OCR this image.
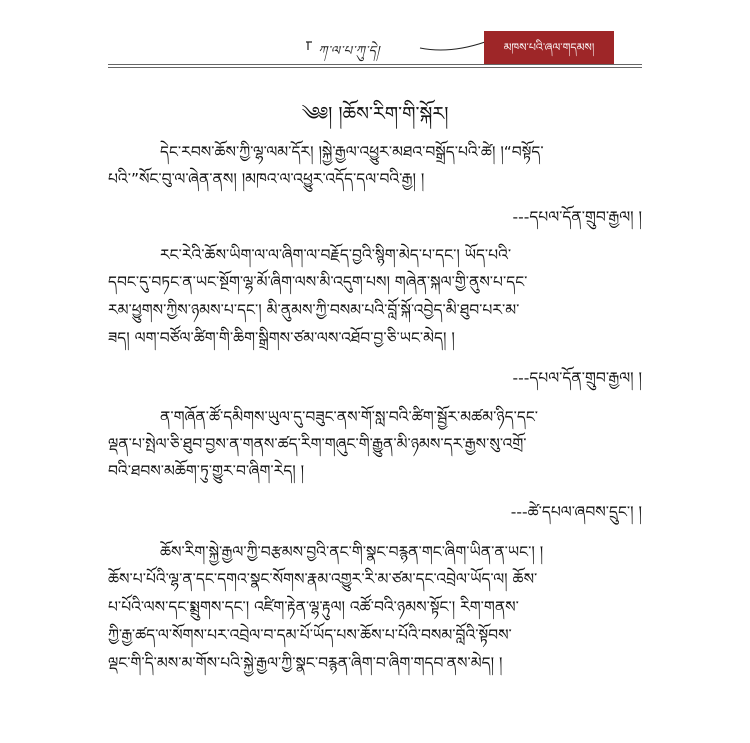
ཀ་ལ་པ་ཀུ་དེ།	མཁས་པའི་ཞལ་གདམས།
༄༅། །ཆོས་རིག་གི་སྐོར།
དེང་རབས་ཆོས་ཀྱི་ལྷ་ལམ་དོར། །སྐྱེ་རྒྱལ་འཕྱུར་མཐའ་བསྒྲོད་པའི་ཚེ། །“བསྟོད་
པའི་”སོང་བུ་ལ་ཞེན་ནས། །མཁའ་ལ་འཕྱུར་འདོད་དལ་བའི་རྒྱ། །
---དཔལ་དོན་གྲུབ་རྒྱལ། །
རང་རེའི་ཆོས་ཡིག་ལ་ལ་ཞིག་ལ་བརྗོད་བྱའི་སྙིག་མེད་པ་དང་། ཡོད་པའི་
དབང་དུ་བཏང་ན་ཡང་སྔོག་ལྷ་མོ་ཞིག་ལས་མི་འདུག་པས། གཞེན་སྐལ་གྱི་ནུས་པ་དང་
རམ་ཕྱུགས་ཀྱིས་ཉམས་པ་དང་། མི་ནུམས་ཀྱི་བསམ་པའི་བློ་སྐོ་འབྱེད་མི་ཐུབ་པར་མ་
ཟད། ལག་བཙོལ་ཚིག་གི་ཆིག་སྒྲིགས་ཙམ་ལས་འཐོབ་བྱ་ཅི་ཡང་མེད། །
---དཔལ་དོན་གྲུབ་རྒྱལ། །
ན་གཞོན་ཚོ་དམིགས་ཡུལ་དུ་བཟུང་ནས་གོ་སླ་བའི་ཚིག་སྦྱོར་མཚམ་ཉིད་དང་
ལྡན་པ་སྤེལ་ཅི་ཐུབ་བྱས་ན་གནས་ཚད་རིག་གཞུང་གི་རྒྱུན་མི་ཉམས་དར་རྒྱས་སུ་འགྲོ་
བའི་ཐབས་མཆོག་ཏུ་གྱུར་བ་ཞིག་རེད། །
---ཚེ་དཔལ་ཞབས་དྲུང་། །
ཆོས་རིག་སྐྱེ་རྒྱལ་ཀྱི་བརྩམས་བྱའི་ནང་གི་སྣང་བརྙན་གང་ཞིག་ཡིན་ན་ཡང་། །
ཆོས་པ་པོའི་ལྷ་ན་དང་དགའ་སྣང་སོགས་རྣམ་འགྱུར་རི་མ་ཙམ་དང་འབྲེལ་ཡོད་ལ། ཆོས་
པ་པོའི་ལས་དང་སྨྲུགས་དང་། འཛིག་རྟེན་ལྷ་རྟུལ། འཚོ་བའི་ཉམས་སྟོང་། རིག་གནས་
ཀྱི་རྒྱ་ཚད་ལ་སོགས་པར་འབྲེལ་བ་དམ་པོ་ཡོད་པས་ཆོས་པ་པོའི་བསམ་བློའི་སྟོབས་
ལྡང་གི་དི་མས་མ་གོས་པའི་སྐྱེ་རྒྱལ་ཀྱི་སྣང་བརྙན་ཞིག་བ་ཞིག་གདབ་ནས་མེད། །
